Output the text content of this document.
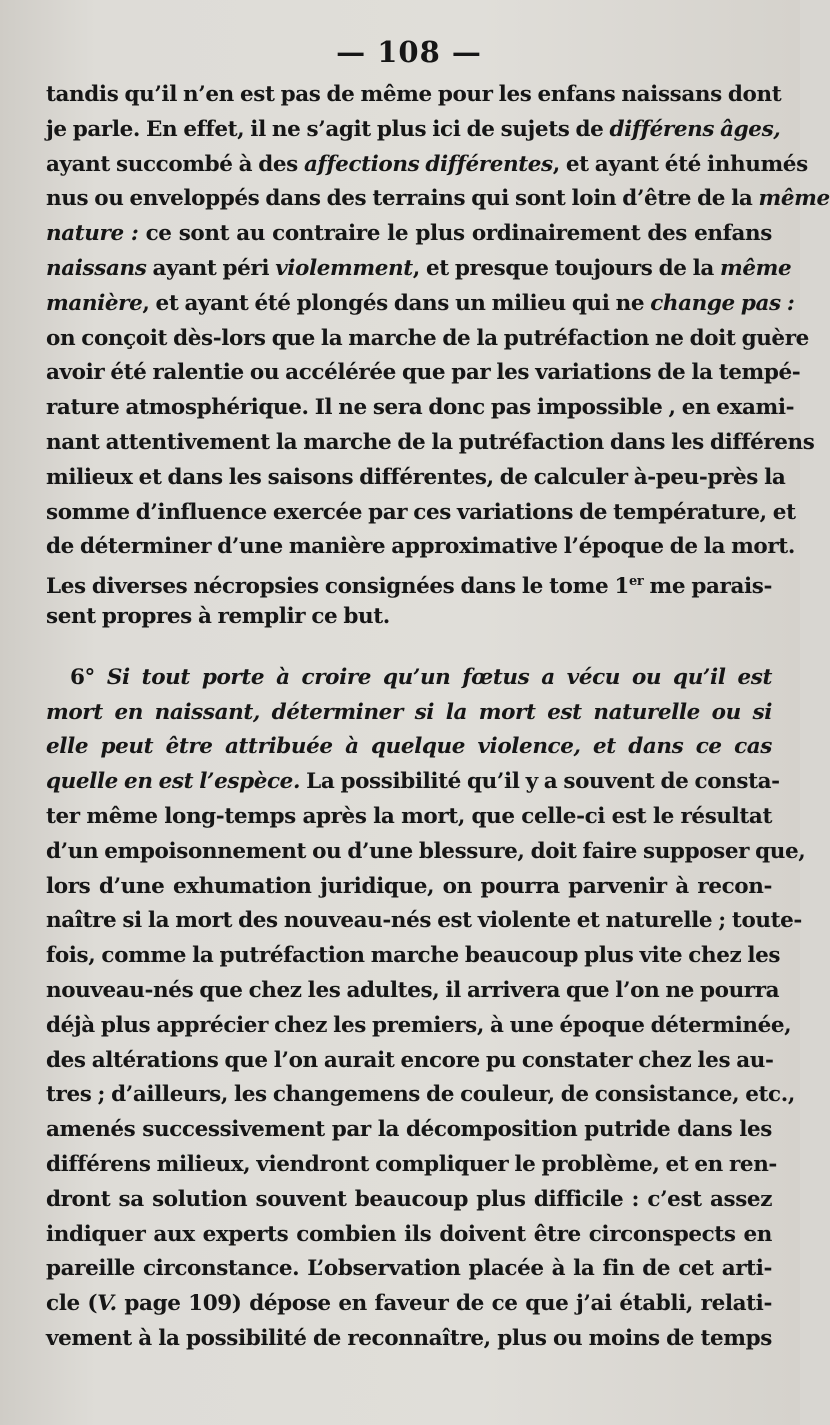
— 108 —
tandis qu’il n’en est pas de même pour les enfans naissans dont
je parle. En effet, il ne s’agit plus ici de sujets de différens âges,
ayant succombé à des affections différentes, et ayant été inhumés
nus ou enveloppés dans des terrains qui sont loin d’être de la même
nature : ce sont au contraire le plus ordinairement des enfans
naissans ayant péri violemment, et presque toujours de la même
manière, et ayant été plongés dans un milieu qui ne change pas :
on conçoit dès-lors que la marche de la putréfaction ne doit guère
avoir été ralentie ou accélérée que par les variations de la tempé-
rature atmosphérique. Il ne sera donc pas impossible , en exami-
nant attentivement la marche de la putréfaction dans les différens
milieux et dans les saisons différentes, de calculer à-peu-près la
somme d’influence exercée par ces variations de température, et
de déterminer d’une manière approximative l’époque de la mort.
Les diverses nécropsies consignées dans le tome 1er me parais-
sent propres à remplir ce but.
6° Si tout porte à croire qu’un fœtus a vécu ou qu’il est
mort en naissant, déterminer si la mort est naturelle ou si
elle peut être attribuée à quelque violence, et dans ce cas
quelle en est l’espèce. La possibilité qu’il y a souvent de consta-
ter même long-temps après la mort, que celle-ci est le résultat
d’un empoisonnement ou d’une blessure, doit faire supposer que,
lors d’une exhumation juridique, on pourra parvenir à recon-
naître si la mort des nouveau-nés est violente et naturelle ; toute-
fois, comme la putréfaction marche beaucoup plus vite chez les
nouveau-nés que chez les adultes, il arrivera que l’on ne pourra
déjà plus apprécier chez les premiers, à une époque déterminée,
des altérations que l’on aurait encore pu constater chez les au-
tres ; d’ailleurs, les changemens de couleur, de consistance, etc.,
amenés successivement par la décomposition putride dans les
différens milieux, viendront compliquer le problème, et en ren-
dront sa solution souvent beaucoup plus difficile : c’est assez
indiquer aux experts combien ils doivent être circonspects en
pareille circonstance. L’observation placée à la fin de cet arti-
cle (V. page 109) dépose en faveur de ce que j’ai établi, relati-
vement à la possibilité de reconnaître, plus ou moins de temps
